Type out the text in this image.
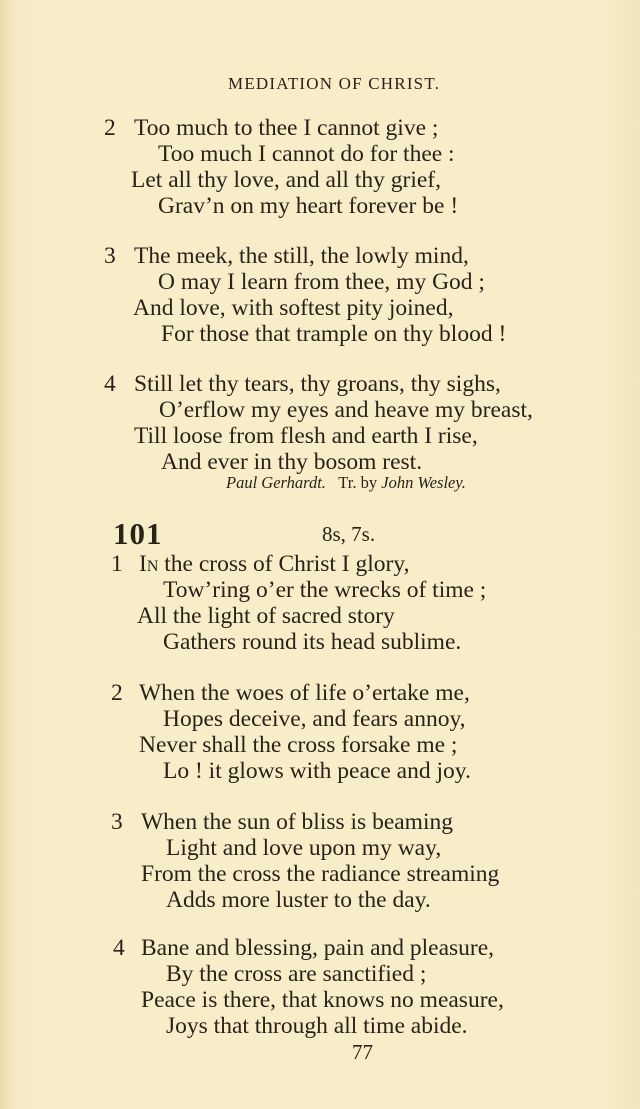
MEDIATION OF CHRIST.
2 Too much to thee I cannot give ;
Too much I cannot do for thee :
Let all thy love, and all thy grief,
Grav’n on my heart forever be !
3 The meek, the still, the lowly mind,
O may I learn from thee, my God ;
And love, with softest pity joined,
For those that trample on thy blood !
4 Still let thy tears, thy groans, thy sighs,
O’erflow my eyes and heave my breast,
Till loose from flesh and earth I rise,
And ever in thy bosom rest.
Paul Gerhardt. Tr. by John Wesley.
101	8s, 7s.
1 In the cross of Christ I glory,
Tow’ring o’er the wrecks of time ;
All the light of sacred story
Gathers round its head sublime.
2 When the woes of life o’ertake me,
Hopes deceive, and fears annoy,
Never shall the cross forsake me ;
Lo ! it glows with peace and joy.
3 When the sun of bliss is beaming
Light and love upon my way,
From the cross the radiance streaming
Adds more luster to the day.
4 Bane and blessing, pain and pleasure,
By the cross are sanctified ;
Peace is there, that knows no measure,
Joys that through all time abide.
77
